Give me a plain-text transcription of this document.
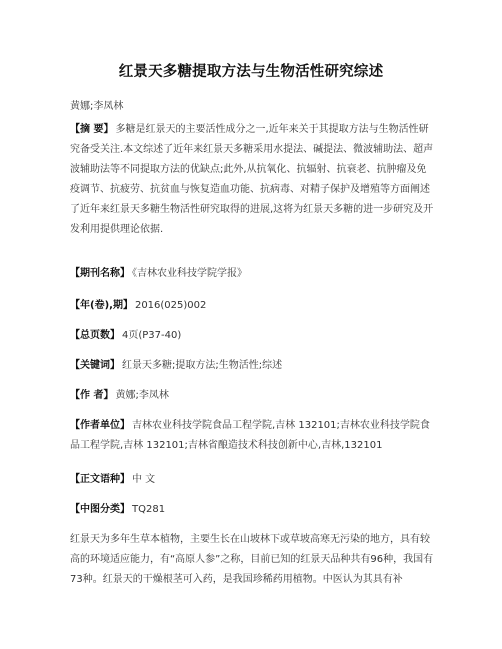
红景天多糖提取方法与生物活性研究综述
黄娜;李凤林
【摘 要】 多糖是红景天的主要活性成分之一,近年来关于其提取方法与生物活性研究备受关注.本文综述了近年来红景天多糖采用水提法、碱提法、微波辅助法、超声波辅助法等不同提取方法的优缺点;此外,从抗氧化、抗辐射、抗衰老、抗肿瘤及免疫调节、抗疲劳、抗贫血与恢复造血功能、抗病毒、对精子保护及增殖等方面阐述了近年来红景天多糖生物活性研究取得的进展,这将为红景天多糖的进一步研究及开发利用提供理论依据.
【期刊名称】 《吉林农业科技学院学报》
【年(卷),期】 2016(025)002
【总页数】 4页(P37-40)
【关键词】 红景天多糖;提取方法;生物活性;综述
【作 者】 黄娜;李凤林
【作者单位】 吉林农业科技学院食品工程学院,吉林 132101;吉林农业科技学院食品工程学院,吉林 132101;吉林省酿造技术科技创新中心,吉林,132101
【正文语种】 中 文
【中图分类】 TQ281
红景天为多年生草本植物，主要生长在山坡林下或草坡高寒无污染的地方，具有较高的环境适应能力，有“高原人参”之称，目前已知的红景天品种共有96种，我国有73种。红景天的干燥根茎可入药，是我国珍稀药用植物。中医认为其具有补
